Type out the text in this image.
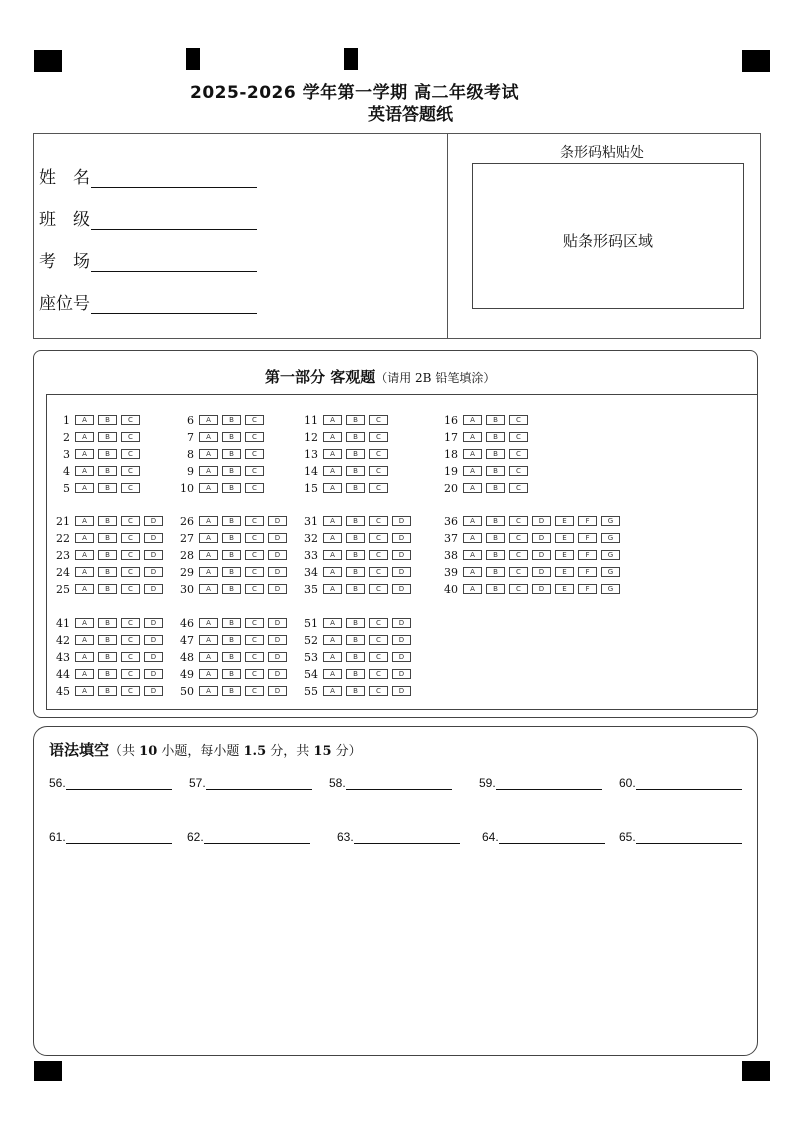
2025-2026 学年第一学期 高二年级考试
英语答题纸
姓　名
班　级
考　场
座位号
条形码粘贴处
贴条形码区域
第一部分 客观题（请用 2B 铅笔填涂）
1	A	B	C
2	A	B	C
3	A	B	C
4	A	B	C
5	A	B	C
6	A	B	C
7	A	B	C
8	A	B	C
9	A	B	C
10	A	B	C
11	A	B	C
12	A	B	C
13	A	B	C
14	A	B	C
15	A	B	C
16	A	B	C
17	A	B	C
18	A	B	C
19	A	B	C
20	A	B	C
21	A	B	C	D
22	A	B	C	D
23	A	B	C	D
24	A	B	C	D
25	A	B	C	D
26	A	B	C	D
27	A	B	C	D
28	A	B	C	D
29	A	B	C	D
30	A	B	C	D
31	A	B	C	D
32	A	B	C	D
33	A	B	C	D
34	A	B	C	D
35	A	B	C	D
36	A	B	C	D	E	F	G
37	A	B	C	D	E	F	G
38	A	B	C	D	E	F	G
39	A	B	C	D	E	F	G
40	A	B	C	D	E	F	G
41	A	B	C	D
42	A	B	C	D
43	A	B	C	D
44	A	B	C	D
45	A	B	C	D
46	A	B	C	D
47	A	B	C	D
48	A	B	C	D
49	A	B	C	D
50	A	B	C	D
51	A	B	C	D
52	A	B	C	D
53	A	B	C	D
54	A	B	C	D
55	A	B	C	D
语法填空（共 10 小题，每小题 1.5 分，共 15 分）
56.	57.	58.	59.	60.
61.	62.	63.	64.	65.
